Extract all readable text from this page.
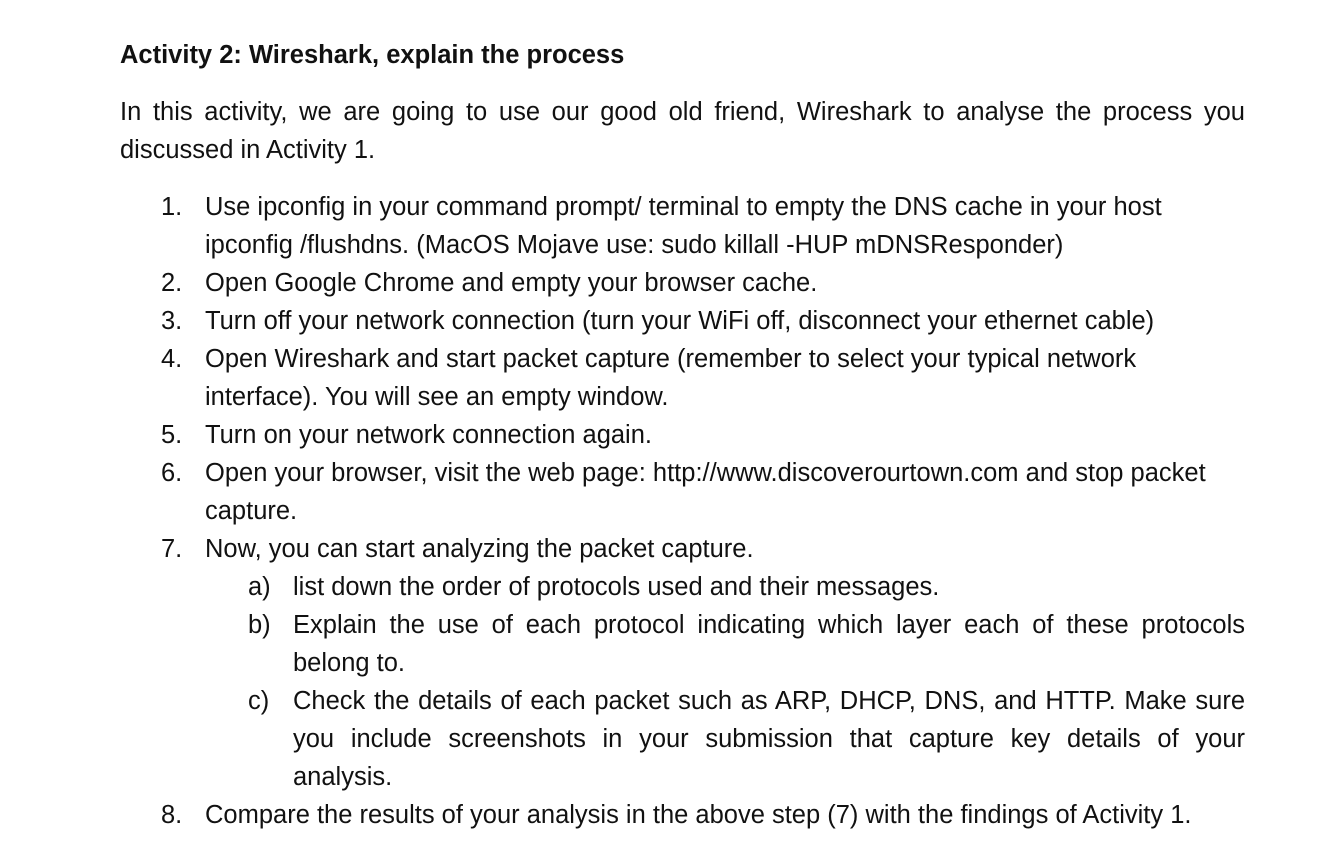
Activity 2: Wireshark, explain the process

In this activity, we are going to use our good old friend, Wireshark to analyse the process you discussed in Activity 1.

1. Use ipconfig in your command prompt/ terminal to empty the DNS cache in your host ipconfig /flushdns. (MacOS Mojave use: sudo killall -HUP mDNSResponder)
2. Open Google Chrome and empty your browser cache.
3. Turn off your network connection (turn your WiFi off, disconnect your ethernet cable)
4. Open Wireshark and start packet capture (remember to select your typical network interface). You will see an empty window.
5. Turn on your network connection again.
6. Open your browser, visit the web page: http://www.discoverourtown.com and stop packet capture.
7. Now, you can start analyzing the packet capture.
a) list down the order of protocols used and their messages.
b) Explain the use of each protocol indicating which layer each of these protocols belong to.
c) Check the details of each packet such as ARP, DHCP, DNS, and HTTP. Make sure you include screenshots in your submission that capture key details of your analysis.
8. Compare the results of your analysis in the above step (7) with the findings of Activity 1.
